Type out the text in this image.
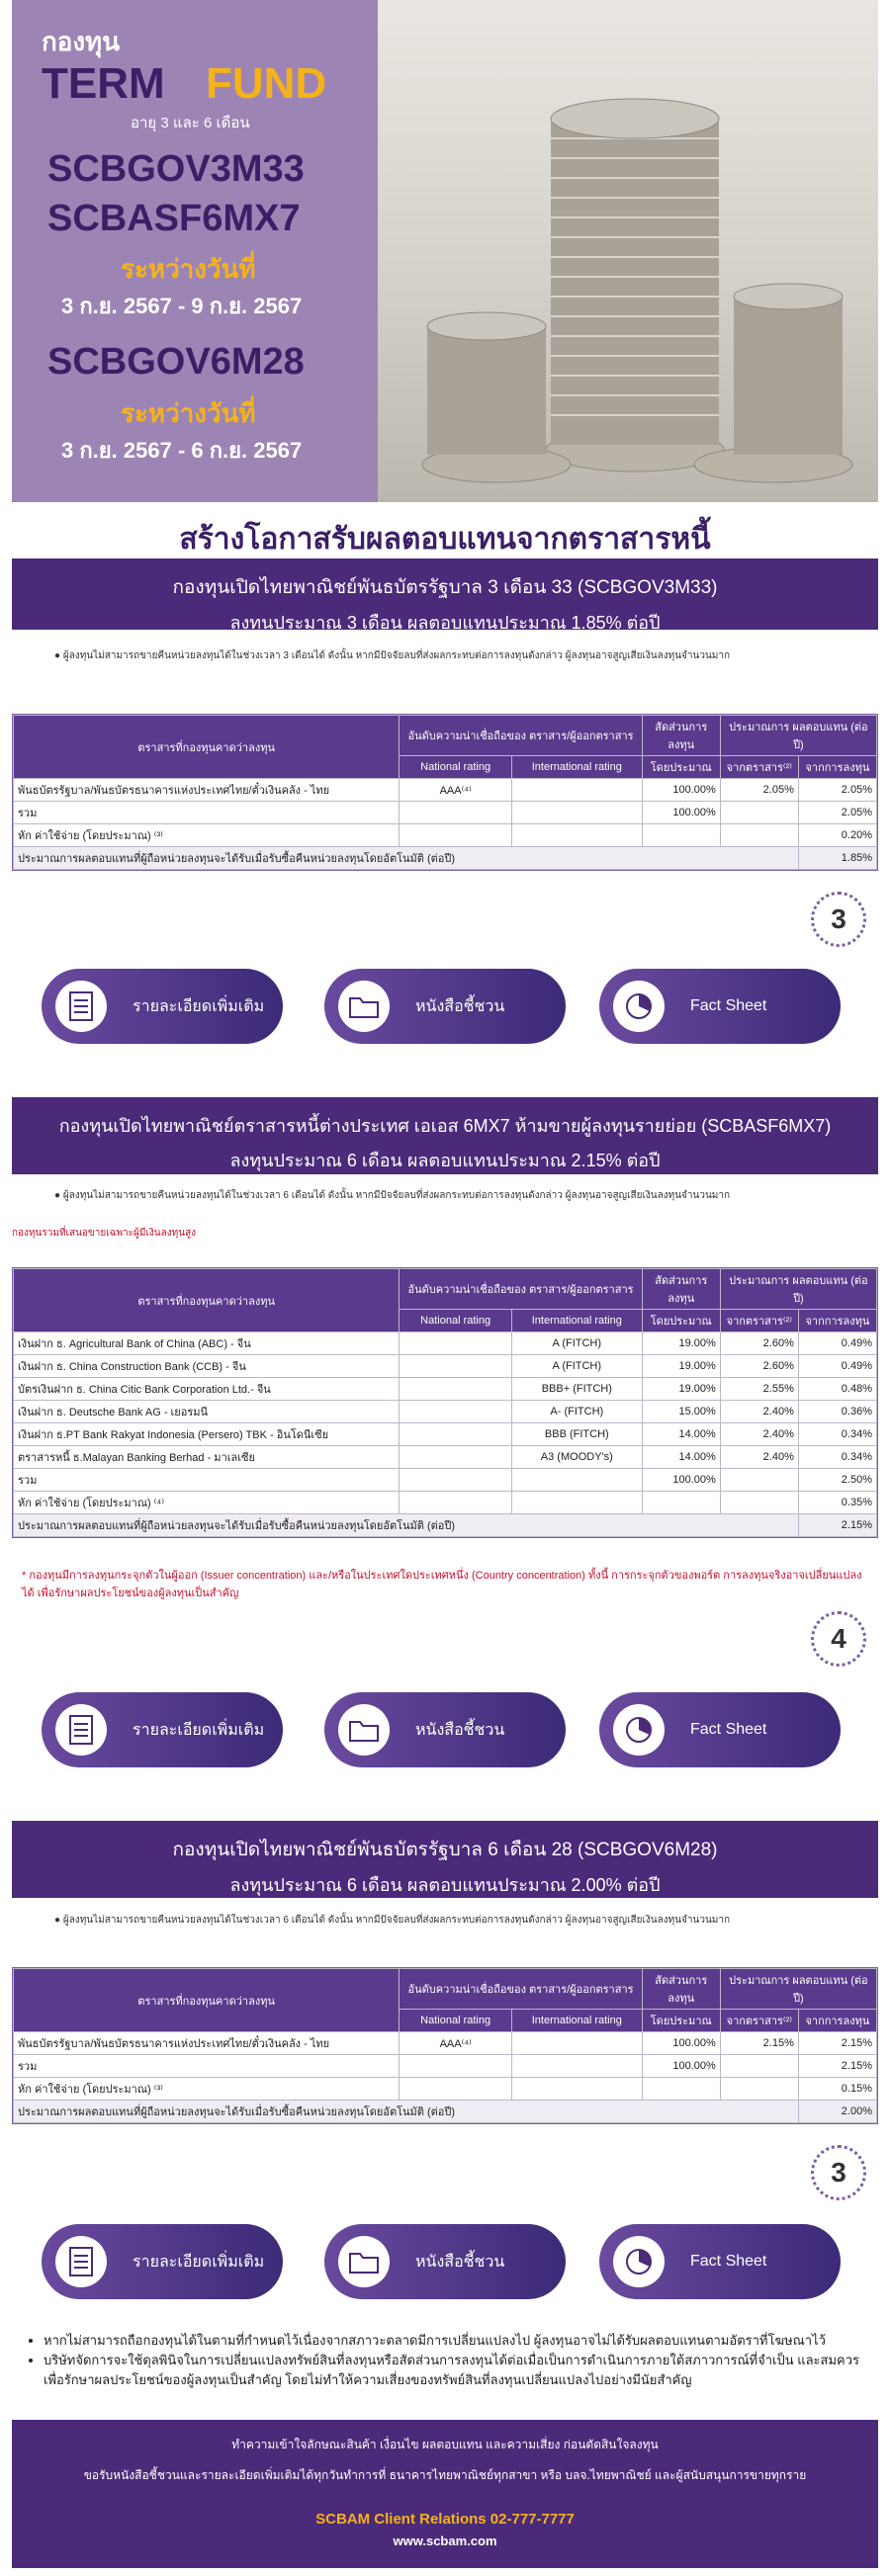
กองทุน
TERM FUND
อายุ 3 และ 6 เดือน
SCBGOV3M33
SCBASF6MX7
ระหว่างวันที่
3 ก.ย. 2567 - 9 ก.ย. 2567
SCBGOV6M28
ระหว่างวันที่
3 ก.ย. 2567 - 6 ก.ย. 2567
สร้างโอกาสรับผลตอบแทนจากตราสารหนี้
กองทุนเปิดไทยพาณิชย์พันธบัตรรัฐบาล 3 เดือน 33 (SCBGOV3M33)
ลงทุนประมาณ 3 เดือน ผลตอบแทนประมาณ 1.85% ต่อปี
● ผู้ลงทุนไม่สามารถขายคืนหน่วยลงทุนได้ในช่วงเวลา 3 เดือนได้ ดังนั้น หากมีปัจจัยลบที่ส่งผลกระทบต่อการลงทุนดังกล่าว ผู้ลงทุนอาจสูญเสียเงินลงทุนจำนวนมาก
ตราสารที่กองทุนคาดว่าลงทุน	อันดับความน่าเชื่อถือของ ตราสาร/ผู้ออกตราสาร		สัดส่วนการลงทุน	ประมาณการ ผลตอบแทน (ต่อปี)	
	National rating	International rating	โดยประมาณ	จากตราสาร⁽²⁾	จากการลงทุน
พันธบัตรรัฐบาล/พันธบัตรธนาคารแห่งประเทศไทย/ตั๋วเงินคลัง - ไทย	AAA⁽⁴⁾		100.00%	2.05%	2.05%
รวม			100.00%		2.05%
หัก ค่าใช้จ่าย (โดยประมาณ) ⁽³⁾					0.20%
ประมาณการผลตอบแทนที่ผู้ถือหน่วยลงทุนจะได้รับเมื่อรับซื้อคืนหน่วยลงทุนโดยอัตโนมัติ (ต่อปี)					1.85%
3
รายละเอียดเพิ่มเติม	หนังสือชี้ชวน	Fact Sheet
กองทุนเปิดไทยพาณิชย์ตราสารหนี้ต่างประเทศ เอเอส 6MX7 ห้ามขายผู้ลงทุนรายย่อย (SCBASF6MX7)
ลงทุนประมาณ 6 เดือน ผลตอบแทนประมาณ 2.15% ต่อปี
● ผู้ลงทุนไม่สามารถขายคืนหน่วยลงทุนได้ในช่วงเวลา 6 เดือนได้ ดังนั้น หากมีปัจจัยลบที่ส่งผลกระทบต่อการลงทุนดังกล่าว ผู้ลงทุนอาจสูญเสียเงินลงทุนจำนวนมาก
กองทุนรวมที่เสนอขายเฉพาะผู้มีเงินลงทุนสูง
ตราสารที่กองทุนคาดว่าลงทุน	อันดับความน่าเชื่อถือของ ตราสาร/ผู้ออกตราสาร		สัดส่วนการลงทุน	ประมาณการ ผลตอบแทน (ต่อปี)	
	National rating	International rating	โดยประมาณ	จากตราสาร⁽²⁾	จากการลงทุน
เงินฝาก ธ. Agricultural Bank of China (ABC) - จีน		A (FITCH)	19.00%	2.60%	0.49%
เงินฝาก ธ. China Construction Bank (CCB) - จีน		A (FITCH)	19.00%	2.60%	0.49%
บัตรเงินฝาก ธ. China Citic Bank Corporation Ltd.- จีน		BBB+ (FITCH)	19.00%	2.55%	0.48%
เงินฝาก ธ. Deutsche Bank AG - เยอรมนี		A- (FITCH)	15.00%	2.40%	0.36%
เงินฝาก ธ.PT Bank Rakyat Indonesia (Persero) TBK - อินโดนีเซีย		BBB (FITCH)	14.00%	2.40%	0.34%
ตราสารหนี้ ธ.Malayan Banking Berhad - มาเลเซีย		A3 (MOODY's)	14.00%	2.40%	0.34%
รวม			100.00%		2.50%
หัก ค่าใช้จ่าย (โดยประมาณ) ⁽⁴⁾					0.35%
ประมาณการผลตอบแทนที่ผู้ถือหน่วยลงทุนจะได้รับเมื่อรับซื้อคืนหน่วยลงทุนโดยอัตโนมัติ (ต่อปี)					2.15%
* กองทุนมีการลงทุนกระจุกตัวในผู้ออก (Issuer concentration) และ/หรือในประเทศใดประเทศหนึ่ง (Country concentration) ทั้งนี้ การกระจุกตัวของพอร์ต การลงทุนจริงอาจเปลี่ยนแปลงได้ เพื่อรักษาผลประโยชน์ของผู้ลงทุนเป็นสำคัญ
4
รายละเอียดเพิ่มเติม	หนังสือชี้ชวน	Fact Sheet
กองทุนเปิดไทยพาณิชย์พันธบัตรรัฐบาล 6 เดือน 28 (SCBGOV6M28)
ลงทุนประมาณ 6 เดือน ผลตอบแทนประมาณ 2.00% ต่อปี
● ผู้ลงทุนไม่สามารถขายคืนหน่วยลงทุนได้ในช่วงเวลา 6 เดือนได้ ดังนั้น หากมีปัจจัยลบที่ส่งผลกระทบต่อการลงทุนดังกล่าว ผู้ลงทุนอาจสูญเสียเงินลงทุนจำนวนมาก
ตราสารที่กองทุนคาดว่าลงทุน	อันดับความน่าเชื่อถือของ ตราสาร/ผู้ออกตราสาร		สัดส่วนการลงทุน	ประมาณการ ผลตอบแทน (ต่อปี)	
	National rating	International rating	โดยประมาณ	จากตราสาร⁽²⁾	จากการลงทุน
พันธบัตรรัฐบาล/พันธบัตรธนาคารแห่งประเทศไทย/ตั๋วเงินคลัง - ไทย	AAA⁽⁴⁾		100.00%	2.15%	2.15%
รวม			100.00%		2.15%
หัก ค่าใช้จ่าย (โดยประมาณ) ⁽³⁾					0.15%
ประมาณการผลตอบแทนที่ผู้ถือหน่วยลงทุนจะได้รับเมื่อรับซื้อคืนหน่วยลงทุนโดยอัตโนมัติ (ต่อปี)					2.00%
3
รายละเอียดเพิ่มเติม	หนังสือชี้ชวน	Fact Sheet
• หากไม่สามารถถือกองทุนได้ในตามที่กำหนดไว้เนื่องจากสภาวะตลาดมีการเปลี่ยนแปลงไป ผู้ลงทุนอาจไม่ได้รับผลตอบแทนตามอัตราที่โฆษณาไว้
• บริษัทจัดการจะใช้ดุลพินิจในการเปลี่ยนแปลงทรัพย์สินที่ลงทุนหรือสัดส่วนการลงทุนได้ต่อเมื่อเป็นการดำเนินการภายใต้สภาวการณ์ที่จำเป็น และสมควรเพื่อรักษาผลประโยชน์ของผู้ลงทุนเป็นสำคัญ โดยไม่ทำให้ความเสี่ยงของทรัพย์สินที่ลงทุนเปลี่ยนแปลงไปอย่างมีนัยสำคัญ
ทำความเข้าใจลักษณะสินค้า เงื่อนไข ผลตอบแทน และความเสี่ยง ก่อนตัดสินใจลงทุน
ขอรับหนังสือชี้ชวนและรายละเอียดเพิ่มเติมได้ทุกวันทำการที่ ธนาคารไทยพาณิชย์ทุกสาขา หรือ บลจ.ไทยพาณิชย์ และผู้สนับสนุนการขายทุกราย
SCBAM Client Relations 02-777-7777
www.scbam.com
